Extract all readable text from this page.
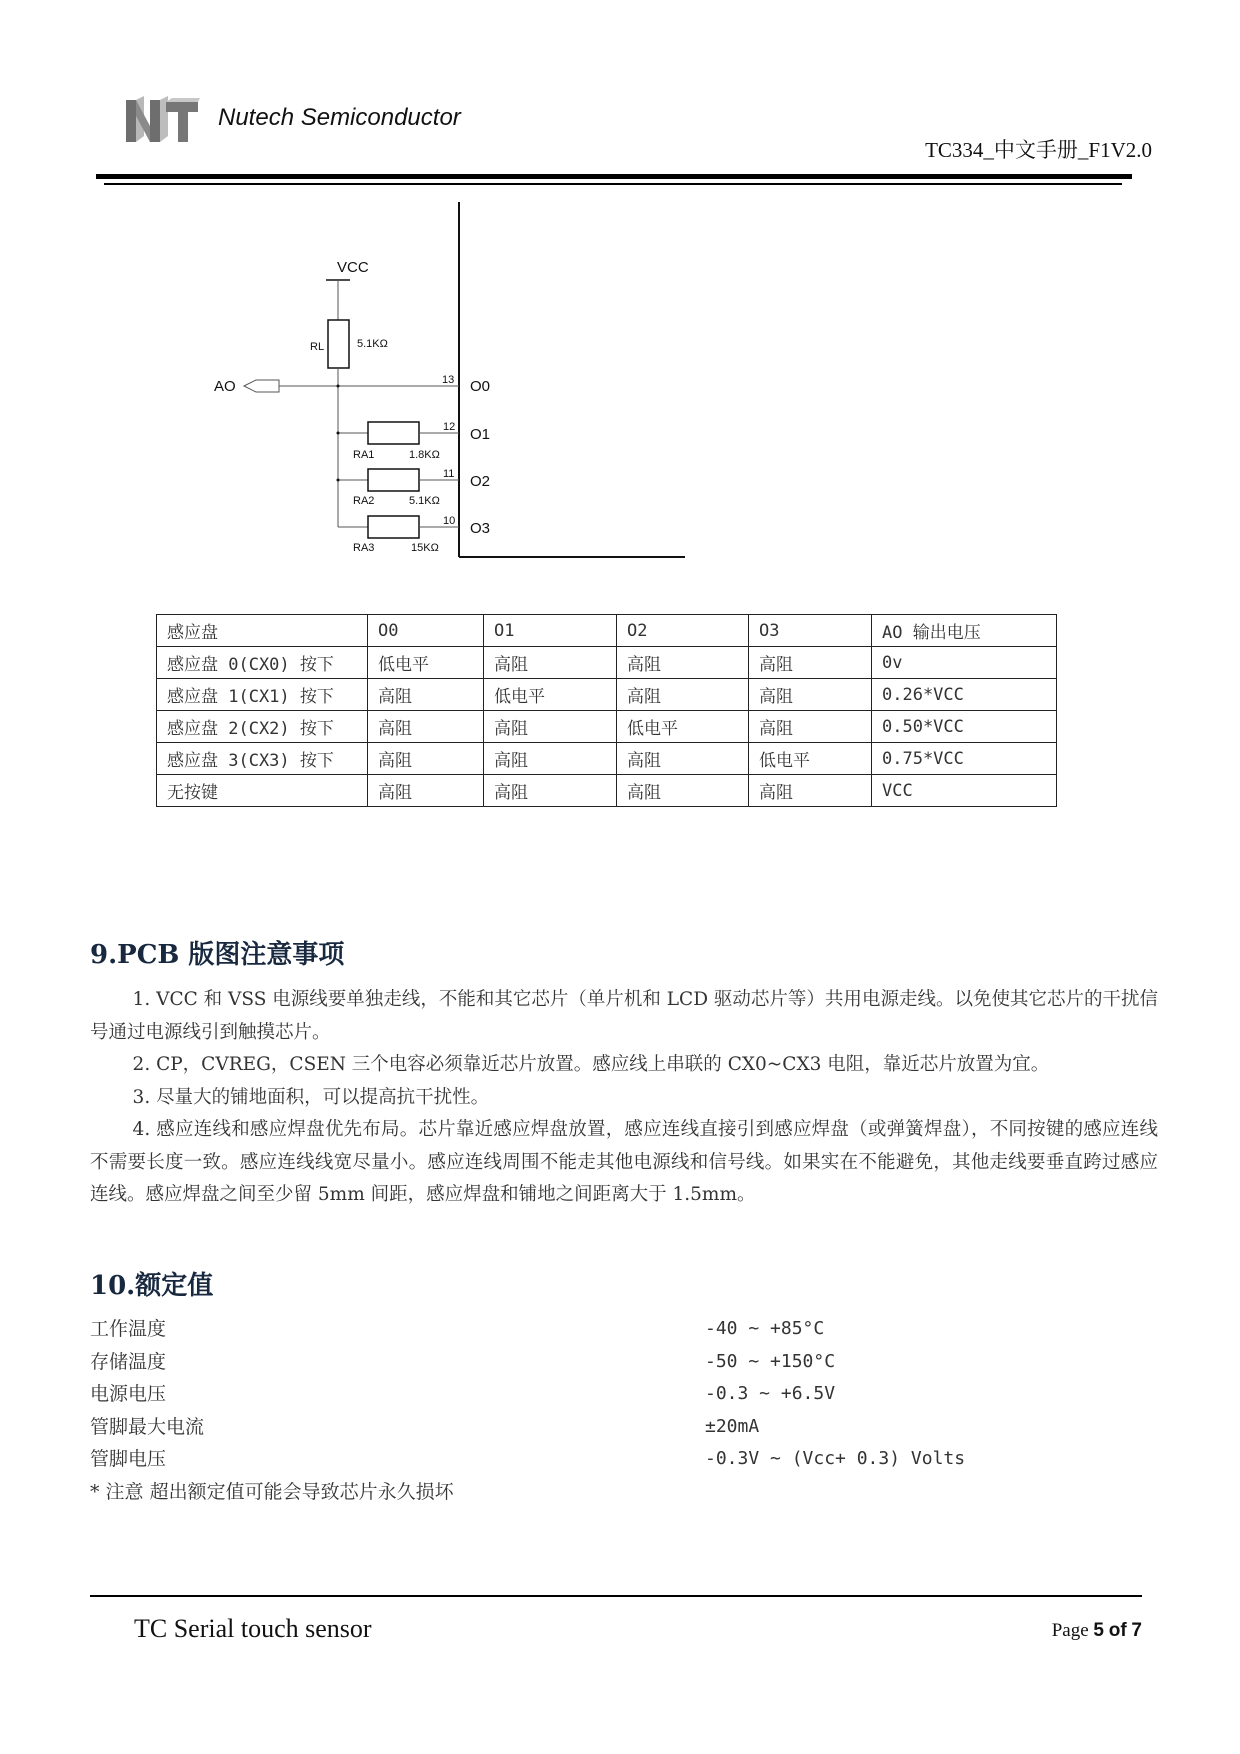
Nutech Semiconductor
TC334_中文手册_F1V2.0
VCC
RL	5.1KΩ
AO	13 O0
RA1	1.8KΩ
12 O1
RA2	5.1KΩ
11 O2
RA3	15KΩ
10 O3
感应盘	O0	O1	O2	O3	AO 输出电压
感应盘 0(CX0) 按下	低电平	高阻	高阻	高阻	0v
感应盘 1(CX1) 按下	高阻	低电平	高阻	高阻	0.26*VCC
感应盘 2(CX2) 按下	高阻	高阻	低电平	高阻	0.50*VCC
感应盘 3(CX3) 按下	高阻	高阻	高阻	低电平	0.75*VCC
无按键	高阻	高阻	高阻	高阻	VCC
9.PCB 版图注意事项

1. VCC 和 VSS 电源线要单独走线，不能和其它芯片（单片机和 LCD 驱动芯片等）共用电源走线。以免使其它芯片的干扰信号通过电源线引到触摸芯片。

2. CP，CVREG，CSEN 三个电容必须靠近芯片放置。感应线上串联的 CX0~CX3 电阻，靠近芯片放置为宜。

3. 尽量大的铺地面积，可以提高抗干扰性。

4. 感应连线和感应焊盘优先布局。芯片靠近感应焊盘放置，感应连线直接引到感应焊盘（或弹簧焊盘），不同按键的感应连线不需要长度一致。感应连线线宽尽量小。感应连线周围不能走其他电源线和信号线。如果实在不能避免，其他走线要垂直跨过感应连线。感应焊盘之间至少留 5mm 间距，感应焊盘和铺地之间距离大于 1.5mm。

10.额定值
工作温度	-40 ~ +85°C
存储温度	-50 ~ +150°C
电源电压	-0.3 ~ +6.5V
管脚最大电流	±20mA
管脚电压	-0.3V ~ (Vcc+ 0.3) Volts
* 注意 超出额定值可能会导致芯片永久损坏
TC Serial touch sensor	Page 5 of 7
